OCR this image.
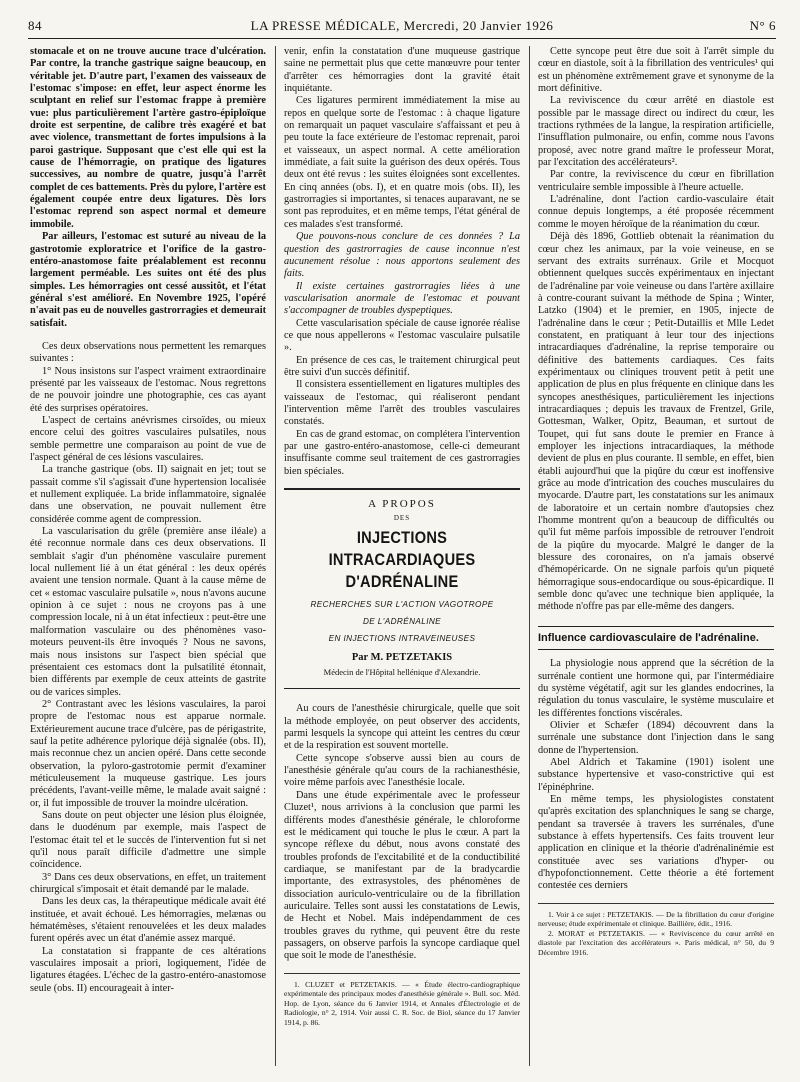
84	LA PRESSE MÉDICALE, Mercredi, 20 Janvier 1926	N° 6

stomacale et on ne trouve aucune trace d'ulcération. Par contre, la tranche gastrique saigne beaucoup, en véritable jet. D'autre part, l'examen des vaisseaux de l'estomac s'impose: en effet, leur aspect énorme les sculptant en relief sur l'estomac frappe à première vue: plus particulièrement l'artère gastro-épiploïque droite est serpentine, de calibre très exagéré et bat avec violence, transmettant de fortes impulsions à la paroi gastrique. Supposant que c'est elle qui est la cause de l'hémorragie, on pratique des ligatures successives, au nombre de quatre, jusqu'à l'arrêt complet de ces battements. Près du pylore, l'artère est également coupée entre deux ligatures. Dès lors l'estomac reprend son aspect normal et demeure immobile.

Par ailleurs, l'estomac est suturé au niveau de la gastrotomie exploratrice et l'orifice de la gastro-entéro-anastomose faite préalablement est reconnu largement perméable. Les suites ont été des plus simples. Les hémorragies ont cessé aussitôt, et l'état général s'est amélioré. En Novembre 1925, l'opéré n'avait pas eu de nouvelles gastrorragies et demeurait satisfait.

Ces deux observations nous permettent les remarques suivantes :

1° Nous insistons sur l'aspect vraiment extraordinaire présenté par les vaisseaux de l'estomac. Nous regrettons de ne pouvoir joindre une photographie, ces cas ayant été des surprises opératoires.

L'aspect de certains anévrismes cirsoïdes, ou mieux encore celui des goitres vasculaires pulsatiles, nous semble permettre une comparaison au point de vue de l'aspect général de ces lésions vasculaires.

La tranche gastrique (obs. II) saignait en jet; tout se passait comme s'il s'agissait d'une hypertension localisée et nullement expliquée. La bride inflammatoire, signalée dans une observation, ne pouvait nullement être considérée comme agent de compression.

La vascularisation du grêle (première anse iléale) a été reconnue normale dans ces deux observations. Il semblait s'agir d'un phénomène vasculaire purement local nullement lié à un état général : les deux opérés avaient une tension normale. Quant à la cause même de cet « estomac vasculaire pulsatile », nous n'avons aucune opinion à ce sujet : nous ne croyons pas à une compression locale, ni à un état infectieux : peut-être une malformation vasculaire ou des phénomènes vaso-moteurs peuvent-ils être invoqués ? Nous ne savons, mais nous insistons sur l'aspect bien spécial que présentaient ces estomacs dont la pulsatilité étonnait, bien différents par exemple de ceux atteints de gastrite ou de varices simples.

2° Contrastant avec les lésions vasculaires, la paroi propre de l'estomac nous est apparue normale. Extérieurement aucune trace d'ulcère, pas de périgastrite, sauf la petite adhérence pylorique déjà signalée (obs. II), mais reconnue chez un ancien opéré. Dans cette seconde observation, la pyloro-gastrotomie permit d'examiner méticuleusement la muqueuse gastrique. Les jours précédents, l'avant-veille même, le malade avait saigné : or, il fut impossible de trouver la moindre ulcération.

Sans doute on peut objecter une lésion plus éloignée, dans le duodénum par exemple, mais l'aspect de l'estomac était tel et le succès de l'intervention fut si net qu'il nous paraît difficile d'admettre une simple coïncidence.

3° Dans ces deux observations, en effet, un traitement chirurgical s'imposait et était demandé par le malade.

Dans les deux cas, la thérapeutique médicale avait été instituée, et avait échoué. Les hémorragies, melænas ou hématémèses, s'étaient renouvelées et les deux malades furent opérés avec un état d'anémie assez marqué.

La constatation si frappante de ces altérations vasculaires imposait a priori, logiquement, l'idée de ligatures étagées. L'échec de la gastro-entéro-anastomose seule (obs. II) encourageait à inter-

venir, enfin la constatation d'une muqueuse gastrique saine ne permettait plus que cette manœuvre pour tenter d'arrêter ces hémorragies dont la gravité était inquiétante.

Ces ligatures permirent immédiatement la mise au repos en quelque sorte de l'estomac : à chaque ligature on remarquait un paquet vasculaire s'affaissant et peu à peu toute la face extérieure de l'estomac reprenait, paroi et vaisseaux, un aspect normal. A cette amélioration immédiate, a fait suite la guérison des deux opérés. Tous deux ont été revus : les suites éloignées sont excellentes. En cinq années (obs. I), et en quatre mois (obs. II), les gastrorragies si importantes, si tenaces auparavant, ne se sont pas reproduites, et en même temps, l'état général de ces malades s'est transformé.

Que pouvons-nous conclure de ces données ? La question des gastrorragies de cause inconnue n'est aucunement résolue : nous apportons seulement des faits.

Il existe certaines gastrorragies liées à une vascularisation anormale de l'estomac et pouvant s'accompagner de troubles dyspeptiques.

Cette vascularisation spéciale de cause ignorée réalise ce que nous appellerons « l'estomac vasculaire pulsatile ».

En présence de ces cas, le traitement chirurgical peut être suivi d'un succès définitif.

Il consistera essentiellement en ligatures multiples des vaisseaux de l'estomac, qui réaliseront pendant l'intervention même l'arrêt des troubles vasculaires constatés.

En cas de grand estomac, on complétera l'intervention par une gastro-entéro-anastomose, celle-ci demeurant insuffisante comme seul traitement de ces gastrorragies bien spéciales.

A PROPOS
DES
INJECTIONS INTRACARDIAQUES
D'ADRÉNALINE
RECHERCHES SUR L'ACTION VAGOTROPE
DE L'ADRÉNALINE
EN INJECTIONS INTRAVEINEUSES
Par M. PETZETAKIS
Médecin de l'Hôpital hellénique d'Alexandrie.

Au cours de l'anesthésie chirurgicale, quelle que soit la méthode employée, on peut observer des accidents, parmi lesquels la syncope qui atteint les centres du cœur et de la respiration est souvent mortelle.

Cette syncope s'observe aussi bien au cours de l'anesthésie générale qu'au cours de la rachianesthésie, voire même parfois avec l'anesthésie locale.

Dans une étude expérimentale avec le professeur Cluzet¹, nous arrivions à la conclusion que parmi les différents modes d'anesthésie générale, le chloroforme est le médicament qui touche le plus le cœur. A part la syncope réflexe du début, nous avons constaté des troubles profonds de l'excitabilité et de la conductibilité cardiaque, se manifestant par de la bradycardie importante, des extrasystoles, des phénomènes de dissociation auriculo-ventriculaire ou de la fibrillation auriculaire. Telles sont aussi les constatations de Lewis, de Hecht et Nobel. Mais indépendamment de ces troubles graves du rythme, qui peuvent être du reste passagers, on observe parfois la syncope cardiaque quel que soit le mode de l'anesthésie.

1. CLUZET et PETZETAKIS. — « Étude électro-cardiographique expérimentale des principaux modes d'anesthésie générale ». Bull. soc. Méd. Hop. de Lyon, séance du 6 Janvier 1914, et Annales d'Électrologie et de Radiologie, n° 2, 1914. Voir aussi C. R. Soc. de Biol, séance du 17 Janvier 1914, p. 86.

Cette syncope peut être due soit à l'arrêt simple du cœur en diastole, soit à la fibrillation des ventricules¹ qui est un phénomène extrêmement grave et synonyme de la mort définitive.

La reviviscence du cœur arrêté en diastole est possible par le massage direct ou indirect du cœur, les tractions rythmées de la langue, la respiration artificielle, l'insufflation pulmonaire, ou enfin, comme nous l'avons proposé, avec notre grand maître le professeur Morat, par l'excitation des accélérateurs².

Par contre, la reviviscence du cœur en fibrillation ventriculaire semble impossible à l'heure actuelle.

L'adrénaline, dont l'action cardio-vasculaire était connue depuis longtemps, a été proposée récemment comme le moyen héroïque de la réanimation du cœur.

Déjà dès 1896, Gottlieb obtenait la réanimation du cœur chez les animaux, par la voie veineuse, en se servant des extraits surrénaux. Grile et Mocquot obtiennent quelques succès expérimentaux en injectant de l'adrénaline par voie veineuse ou dans l'artère axillaire à contre-courant suivant la méthode de Spina ; Winter, Latzko (1904) et le premier, en 1905, injecte de l'adrénaline dans le cœur ; Petit-Dutaillis et Mlle Ledet constatent, en pratiquant à leur tour des injections intracardiaques d'adrénaline, la reprise temporaire ou définitive des battements cardiaques. Ces faits expérimentaux ou cliniques trouvent petit à petit une application de plus en plus fréquente en clinique dans les syncopes anesthésiques, particulièrement les injections intracardiaques ; depuis les travaux de Frentzel, Grile, Gottesman, Walker, Opitz, Beauman, et surtout de Toupet, qui fut sans doute le premier en France à employer les injections intracardiaques, la méthode devient de plus en plus courante. Il semble, en effet, bien établi aujourd'hui que la piqûre du cœur est inoffensive grâce au mode d'intrication des couches musculaires du myocarde. D'autre part, les constatations sur les animaux de laboratoire et un certain nombre d'autopsies chez l'homme montrent qu'on a beaucoup de difficultés ou qu'il fut même parfois impossible de retrouver l'endroit de la piqûre du myocarde. Malgré le danger de la blessure des coronaires, on n'a jamais observé d'hémopéricarde. On ne signale parfois qu'un piqueté hémorragique sous-endocardique ou sous-épicardique. Il semble donc qu'avec une technique bien appliquée, la méthode n'offre pas par elle-même des dangers.

Influence cardiovasculaire de l'adrénaline.

La physiologie nous apprend que la sécrétion de la surrénale contient une hormone qui, par l'intermédiaire du système végétatif, agit sur les glandes endocrines, la régulation du tonus vasculaire, le système musculaire et les différentes fonctions viscérales.

Olivier et Schæfer (1894) découvrent dans la surrénale une substance dont l'injection dans le sang donne de l'hypertension.

Abel Aldrich et Takamine (1901) isolent une substance hypertensive et vaso-constrictive qui est l'épinéphrine.

En même temps, les physiologistes constatent qu'après excitation des splanchniques le sang se charge, pendant sa traversée à travers les surrénales, d'une substance à effets hypertensifs. Ces faits trouvent leur application en clinique et la théorie d'adrénalinémie est constituée avec ses variations d'hyper- ou d'hypofonctionnement. Cette théorie a été fortement contestée ces derniers

1. Voir à ce sujet : PETZETAKIS. — De la fibrillation du cœur d'origine nerveuse; étude expérimentale et clinique. Baillière, édit., 1916.

2. MORAT et PETZETAKIS. — « Reviviscence du cœur arrêté en diastole par l'excitation des accélérateurs ». Paris médical, n° 50, du 9 Décembre 1916.
